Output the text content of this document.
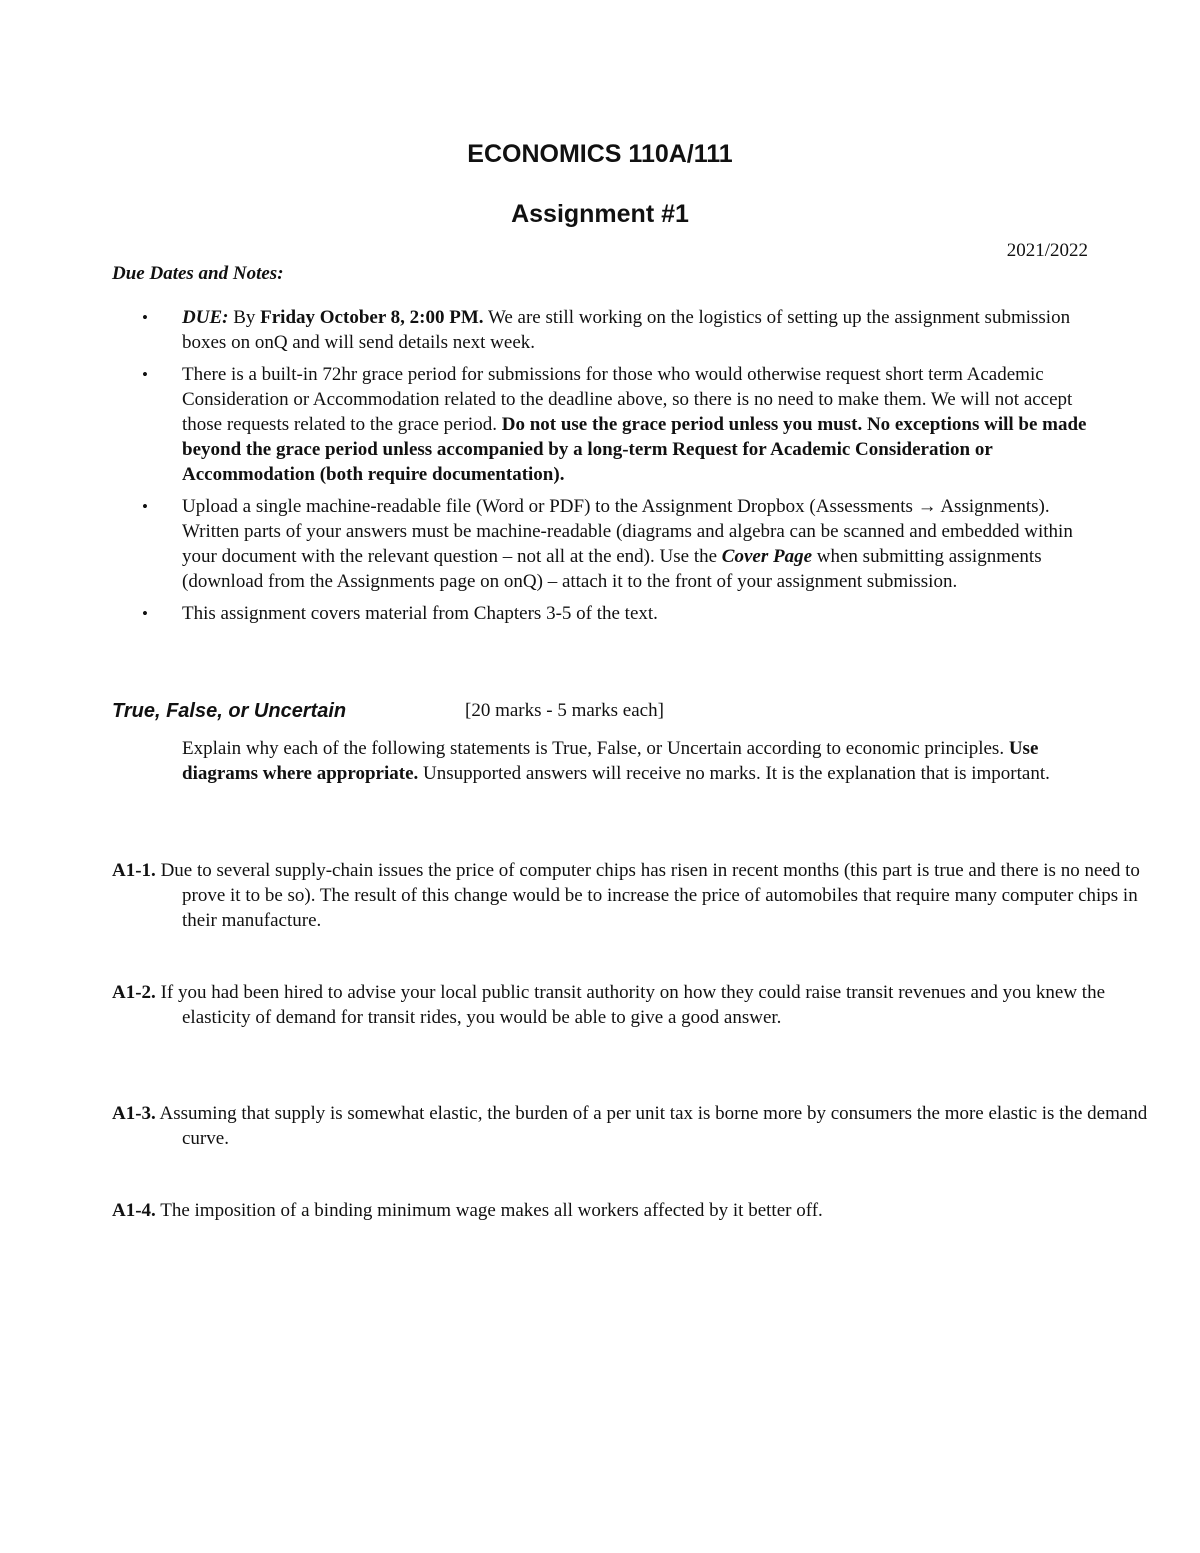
ECONOMICS 110A/111
Assignment #1
2021/2022
Due Dates and Notes:
• DUE: By Friday October 8, 2:00 PM. We are still working on the logistics of setting up the assignment submission boxes on onQ and will send details next week.
• There is a built-in 72hr grace period for submissions for those who would otherwise request short term Academic Consideration or Accommodation related to the deadline above, so there is no need to make them. We will not accept those requests related to the grace period. Do not use the grace period unless you must. No exceptions will be made beyond the grace period unless accompanied by a long-term Request for Academic Consideration or Accommodation (both require documentation).
• Upload a single machine-readable file (Word or PDF) to the Assignment Dropbox (Assessments → Assignments). Written parts of your answers must be machine-readable (diagrams and algebra can be scanned and embedded within your document with the relevant question – not all at the end). Use the Cover Page when submitting assignments (download from the Assignments page on onQ) – attach it to the front of your assignment submission.
• This assignment covers material from Chapters 3-5 of the text.
True, False, or Uncertain	[20 marks - 5 marks each]

Explain why each of the following statements is True, False, or Uncertain according to economic principles. Use diagrams where appropriate. Unsupported answers will receive no marks. It is the explanation that is important.

A1-1. Due to several supply-chain issues the price of computer chips has risen in recent months (this part is true and there is no need to prove it to be so). The result of this change would be to increase the price of automobiles that require many computer chips in their manufacture.

A1-2. If you had been hired to advise your local public transit authority on how they could raise transit revenues and you knew the elasticity of demand for transit rides, you would be able to give a good answer.

A1-3. Assuming that supply is somewhat elastic, the burden of a per unit tax is borne more by consumers the more elastic is the demand curve.

A1-4. The imposition of a binding minimum wage makes all workers affected by it better off.
